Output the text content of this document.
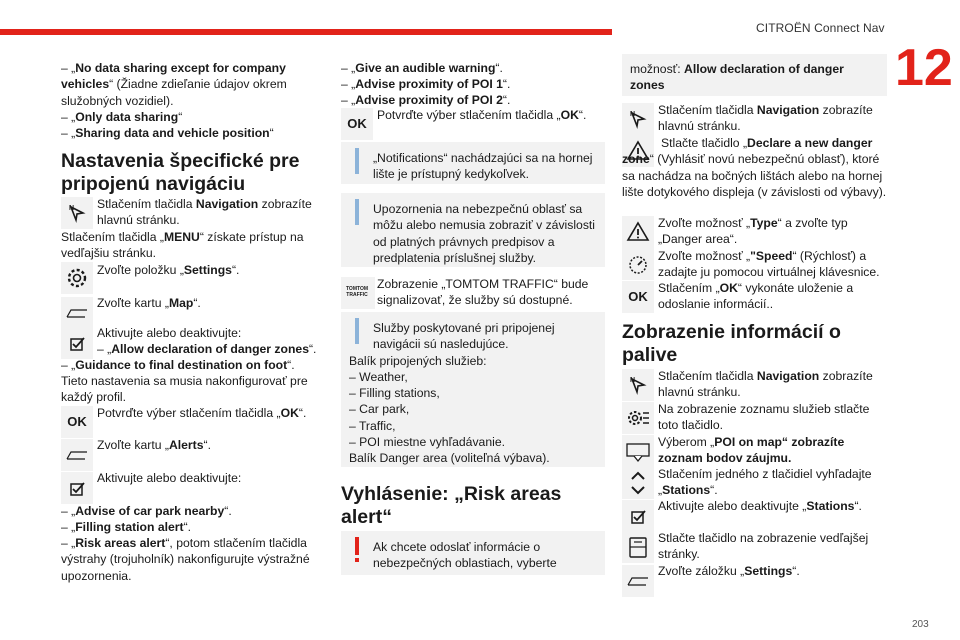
CITROËN Connect Nav
12
203
– „No data sharing except for company vehicles“ (Žiadne zdieľanie údajov okrem služobných vozidiel).
– „Only data sharing“
– „Sharing data and vehicle position“
Nastavenia špecifické pre pripojenú navigáciu
N	Stlačením tlačidla Navigation zobrazíte hlavnú stránku.
Stlačením tlačidla „MENU“ získate prístup na vedľajšiu stránku.
Zvoľte položku „Settings“.
Zvoľte kartu „Map“.
Aktivujte alebo deaktivujte:
– „Allow declaration of danger zones“.
– „Guidance to final destination on foot“.
Tieto nastavenia sa musia nakonfigurovať pre každý profil.
OK
Potvrďte výber stlačením tlačidla „OK“.
Zvoľte kartu „Alerts“.
Aktivujte alebo deaktivujte:
– „Advise of car park nearby“.
– „Filling station alert“.
– „Risk areas alert“, potom stlačením tlačidla výstrahy (trojuholník) nakonfigurujte výstražné upozornenia.
– „Give an audible warning“.
– „Advise proximity of POI 1“.
– „Advise proximity of POI 2“.
OK
Potvrďte výber stlačením tlačidla „OK“.
„Notifications“ nachádzajúci sa na hornej lište je prístupný kedykoľvek.
Upozornenia na nebezpečnú oblasť sa môžu alebo nemusia zobraziť v závislosti od platných právnych predpisov a predplatenia príslušnej služby.
TOMTOM TRAFFIC
Zobrazenie „TOMTOM TRAFFIC“ bude signalizovať, že služby sú dostupné.
Služby poskytované pri pripojenej navigácii sú nasledujúce.
Balík pripojených služieb:
– Weather,
– Filling stations,
– Car park,
– Traffic,
– POI miestne vyhľadávanie.
Balík Danger area (voliteľná výbava).
Vyhlásenie: „Risk areas alert“
Ak chcete odoslať informácie o nebezpečných oblastiach, vyberte
možnosť: Allow declaration of danger zones
N	Stlačením tlačidla Navigation zobrazíte hlavnú stránku.
Stlačte tlačidlo „Declare a new danger zone“ (Vyhlásiť novú nebezpečnú oblasť), ktoré sa nachádza na bočných lištách alebo na hornej lište dotykového displeja (v závislosti od výbavy).
Zvoľte možnosť „Type“ a zvoľte typ „Danger area“.
Zvoľte možnosť „"Speed“ (Rýchlosť) a zadajte ju pomocou virtuálnej klávesnice.
OK
Stlačením „OK“ vykonáte uloženie a odoslanie informácií..
Zobrazenie informácií o palive
N	Stlačením tlačidla Navigation zobrazíte hlavnú stránku.
Na zobrazenie zoznamu služieb stlačte toto tlačidlo.
Výberom „POI on map“ zobrazíte zoznam bodov záujmu.
Stlačením jedného z tlačidiel vyhľadajte „Stations“.
Aktivujte alebo deaktivujte „Stations“.
Stlačte tlačidlo na zobrazenie vedľajšej stránky.
Zvoľte záložku „Settings“.
